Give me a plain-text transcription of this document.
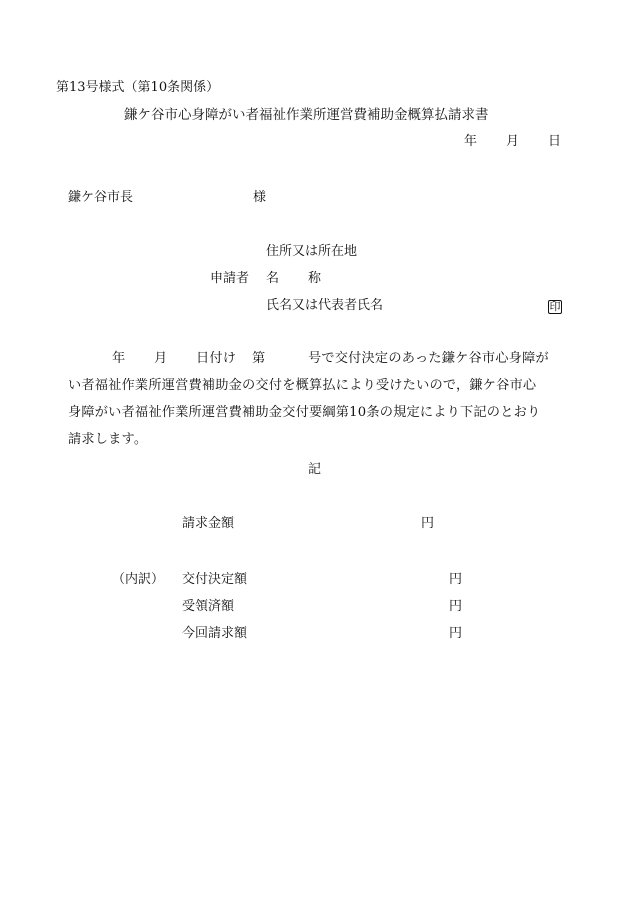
第13号様式（第10条関係）
鎌ケ谷市心身障がい者福祉作業所運営費補助金概算払請求書
年 月 日
鎌ケ谷市長	様
住所又は所在地
申請者 名 称
氏名又は代表者氏名	印
年 月 日付け 第	号で交付決定のあった鎌ケ谷市心身障が
い者福祉作業所運営費補助金の交付を概算払により受けたいので，鎌ケ谷市心
身障がい者福祉作業所運営費補助金交付要綱第10条の規定により下記のとおり
請求します。
記
請求金額	円
（内訳） 交付決定額	円
受領済額	円
今回請求額	円
